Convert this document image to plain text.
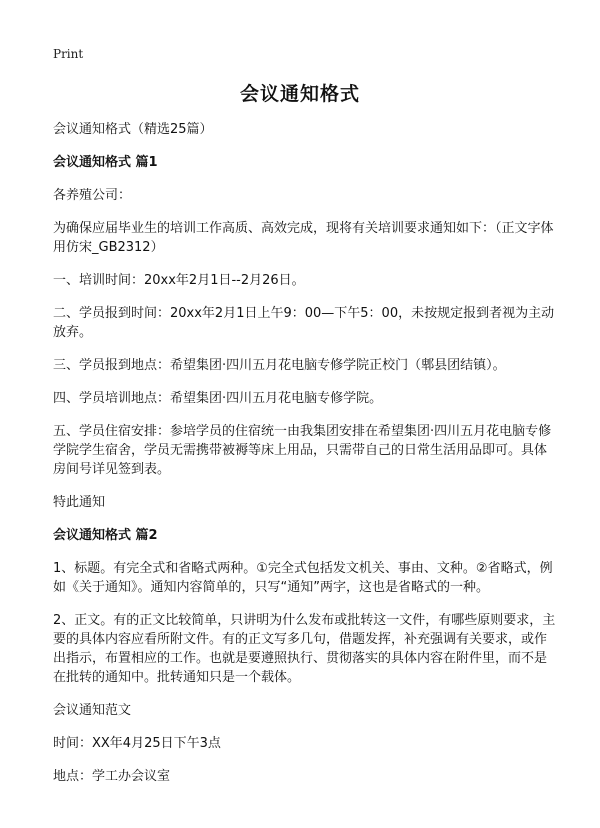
Print
会议通知格式

会议通知格式（精选25篇）

会议通知格式 篇1

各养殖公司：

为确保应届毕业生的培训工作高质、高效完成，现将有关培训要求通知如下：（正文字体用仿宋_GB2312）

一、培训时间：20xx年2月1日--2月26日。

二、学员报到时间：20xx年2月1日上午9：00—下午5：00，未按规定报到者视为主动放弃。

三、学员报到地点：希望集团·四川五月花电脑专修学院正校门（郫县团结镇）。

四、学员培训地点：希望集团·四川五月花电脑专修学院。

五、学员住宿安排：参培学员的住宿统一由我集团安排在希望集团·四川五月花电脑专修学院学生宿舍，学员无需携带被褥等床上用品，只需带自己的日常生活用品即可。具体房间号详见签到表。

特此通知

会议通知格式 篇2

1、标题。有完全式和省略式两种。①完全式包括发文机关、事由、文种。②省略式，例如《关于通知》。通知内容简单的，只写“通知”两字，这也是省略式的一种。

2、正文。有的正文比较简单，只讲明为什么发布或批转这一文件，有哪些原则要求，主要的具体内容应看所附文件。有的正文写多几句，借题发挥，补充强调有关要求，或作出指示，布置相应的工作。也就是要遵照执行、贯彻落实的具体内容在附件里，而不是在批转的通知中。批转通知只是一个载体。

会议通知范文

时间：XX年4月25日下午3点

地点：学工办会议室
